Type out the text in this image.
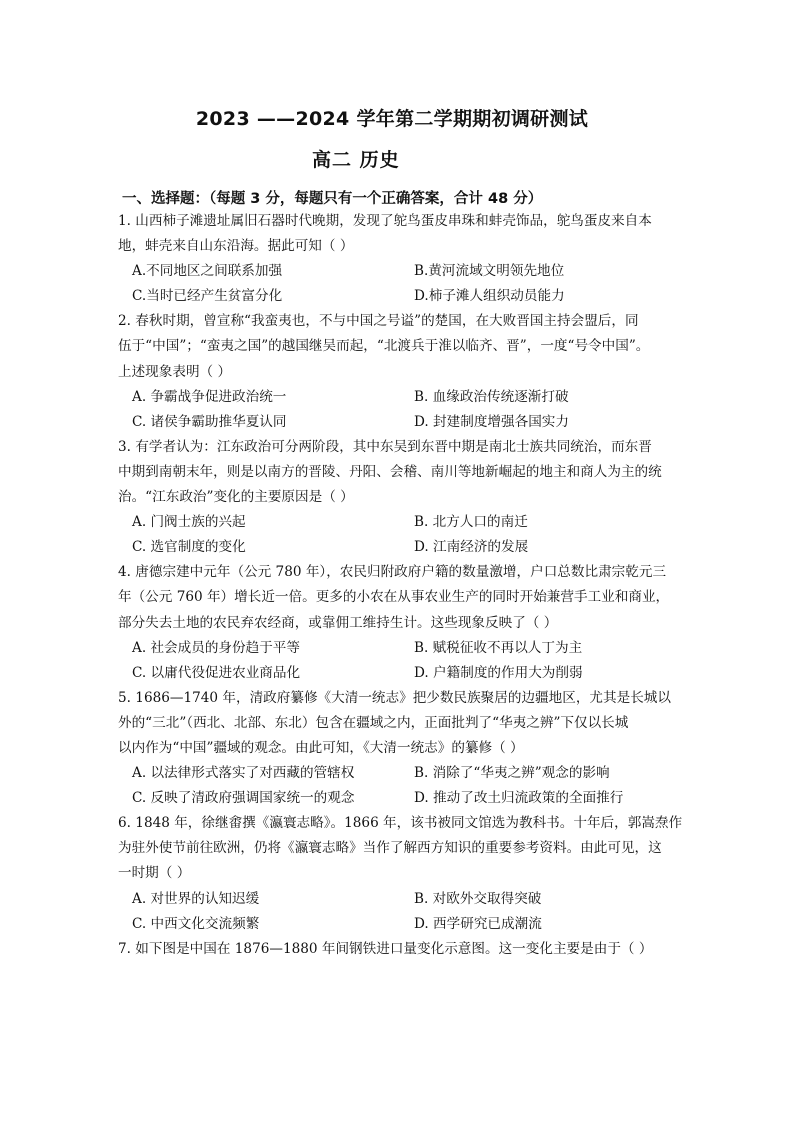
2023 ——2024 学年第二学期期初调研测试
高二 历史
一、选择题：（每题 3 分，每题只有一个正确答案，合计 48 分）
1. 山西柿子滩遗址属旧石器时代晚期，发现了鸵鸟蛋皮串珠和蚌壳饰品，鸵鸟蛋皮来自本
地，蚌壳来自山东沿海。据此可知（ ）
A.不同地区之间联系加强	B.黄河流域文明领先地位
C.当时已经产生贫富分化	D.柿子滩人组织动员能力
2. 春秋时期，曾宣称“我蛮夷也，不与中国之号谥”的楚国，在大败晋国主持会盟后，同
伍于“中国”；“蛮夷之国”的越国继吴而起，“北渡兵于淮以临齐、晋”，一度“号令中国”。
上述现象表明（ ）
A. 争霸战争促进政治统一	B. 血缘政治传统逐渐打破
C. 诸侯争霸助推华夏认同	D. 封建制度增强各国实力
3. 有学者认为：江东政治可分两阶段，其中东吴到东晋中期是南北士族共同统治，而东晋
中期到南朝末年，则是以南方的晋陵、丹阳、会稽、南川等地新崛起的地主和商人为主的统
治。“江东政治”变化的主要原因是（ ）
A. 门阀士族的兴起	B. 北方人口的南迁
C. 选官制度的变化	D. 江南经济的发展
4. 唐德宗建中元年（公元 780 年），农民归附政府户籍的数量激增，户口总数比肃宗乾元三
年（公元 760 年）增长近一倍。更多的小农在从事农业生产的同时开始兼营手工业和商业，
部分失去土地的农民弃农经商，或靠佣工维持生计。这些现象反映了（ ）
A. 社会成员的身份趋于平等	B. 赋税征收不再以人丁为主
C. 以庸代役促进农业商品化	D. 户籍制度的作用大为削弱
5. 1686—1740 年，清政府纂修《大清一统志》把少数民族聚居的边疆地区，尤其是长城以
外的“三北”（西北、北部、东北）包含在疆域之内，正面批判了“华夷之辨”下仅以长城
以内作为“中国”疆域的观念。由此可知，《大清一统志》的纂修（ ）
A. 以法律形式落实了对西藏的管辖权	B. 消除了“华夷之辨”观念的影响
C. 反映了清政府强调国家统一的观念	D. 推动了改土归流政策的全面推行
6. 1848 年，徐继畬撰《瀛寰志略》。1866 年，该书被同文馆选为教科书。十年后，郭嵩焘作
为驻外使节前往欧洲，仍将《瀛寰志略》当作了解西方知识的重要参考资料。由此可见，这
一时期（ ）
A. 对世界的认知迟缓	B. 对欧外交取得突破
C. 中西文化交流频繁	D. 西学研究已成潮流
7. 如下图是中国在 1876—1880 年间钢铁进口量变化示意图。这一变化主要是由于（ ）
